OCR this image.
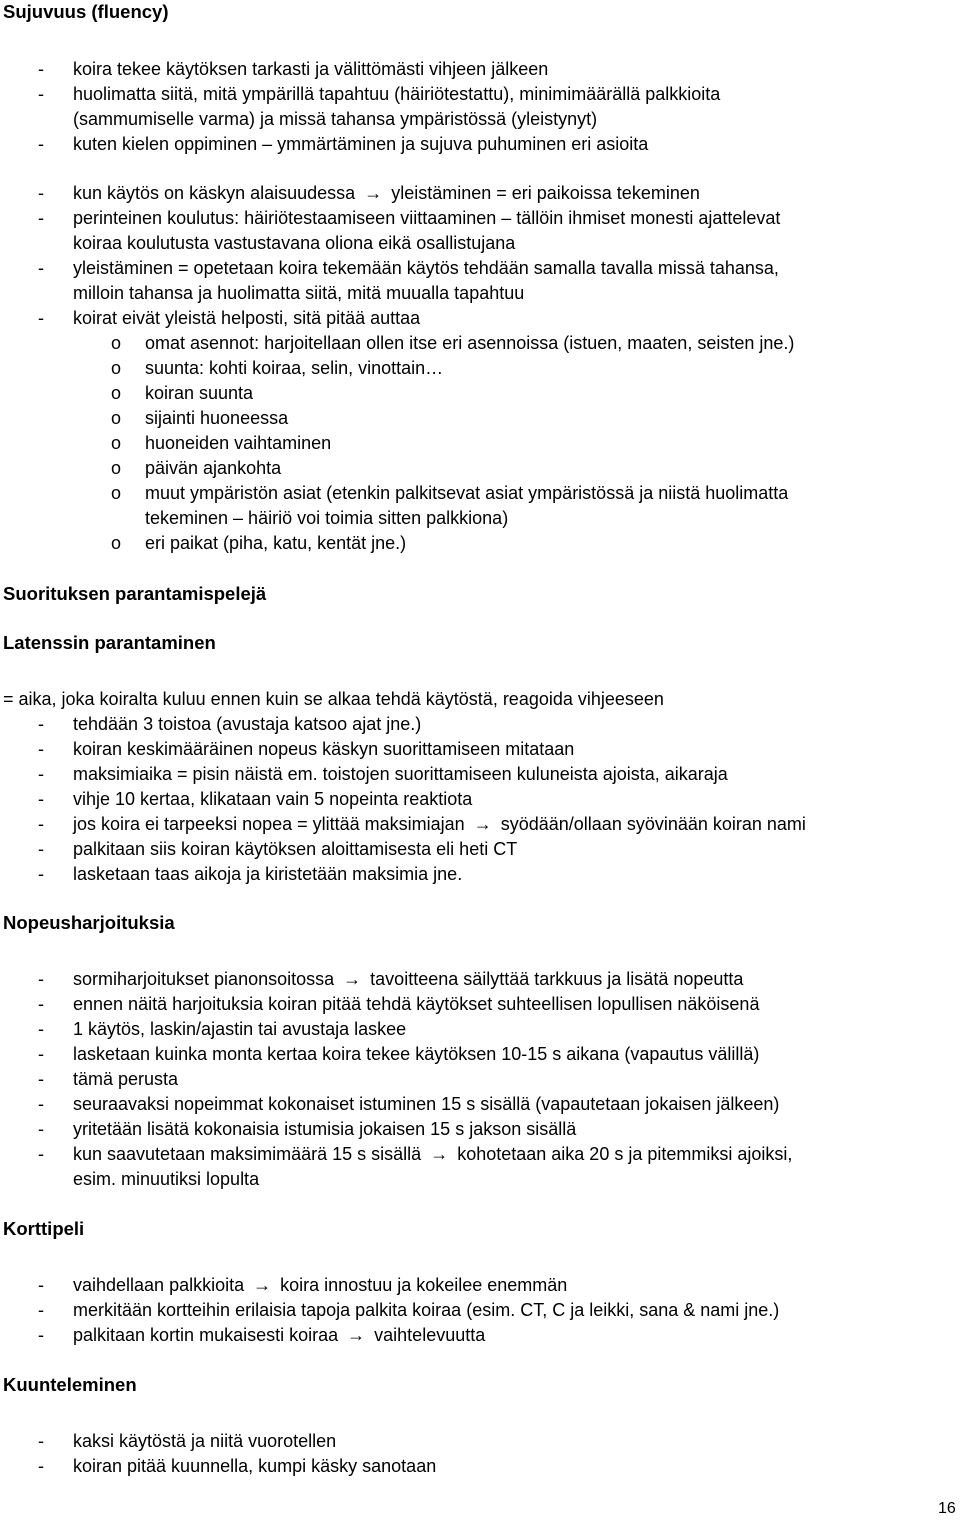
Sujuvuus (fluency)
- koira tekee käytöksen tarkasti ja välittömästi vihjeen jälkeen
- huolimatta siitä, mitä ympärillä tapahtuu (häiriötestattu), minimimäärällä palkkioita
(sammumiselle varma) ja missä tahansa ympäristössä (yleistynyt)
- kuten kielen oppiminen – ymmärtäminen ja sujuva puhuminen eri asioita
- kun käytös on käskyn alaisuudessa → yleistäminen = eri paikoissa tekeminen
- perinteinen koulutus: häiriötestaamiseen viittaaminen – tällöin ihmiset monesti ajattelevat
koiraa koulutusta vastustavana oliona eikä osallistujana
- yleistäminen = opetetaan koira tekemään käytös tehdään samalla tavalla missä tahansa,
milloin tahansa ja huolimatta siitä, mitä muualla tapahtuu
- koirat eivät yleistä helposti, sitä pitää auttaa
o omat asennot: harjoitellaan ollen itse eri asennoissa (istuen, maaten, seisten jne.)
o suunta: kohti koiraa, selin, vinottain…
o koiran suunta
o sijainti huoneessa
o huoneiden vaihtaminen
o päivän ajankohta
o muut ympäristön asiat (etenkin palkitsevat asiat ympäristössä ja niistä huolimatta
tekeminen – häiriö voi toimia sitten palkkiona)
o eri paikat (piha, katu, kentät jne.)
Suorituksen parantamispelejä
Latenssin parantaminen
= aika, joka koiralta kuluu ennen kuin se alkaa tehdä käytöstä, reagoida vihjeeseen
- tehdään 3 toistoa (avustaja katsoo ajat jne.)
- koiran keskimääräinen nopeus käskyn suorittamiseen mitataan
- maksimiaika = pisin näistä em. toistojen suorittamiseen kuluneista ajoista, aikaraja
- vihje 10 kertaa, klikataan vain 5 nopeinta reaktiota
- jos koira ei tarpeeksi nopea = ylittää maksimiajan → syödään/ollaan syövinään koiran nami
- palkitaan siis koiran käytöksen aloittamisesta eli heti CT
- lasketaan taas aikoja ja kiristetään maksimia jne.
Nopeusharjoituksia
- sormiharjoitukset pianonsoitossa → tavoitteena säilyttää tarkkuus ja lisätä nopeutta
- ennen näitä harjoituksia koiran pitää tehdä käytökset suhteellisen lopullisen näköisenä
- 1 käytös, laskin/ajastin tai avustaja laskee
- lasketaan kuinka monta kertaa koira tekee käytöksen 10-15 s aikana (vapautus välillä)
- tämä perusta
- seuraavaksi nopeimmat kokonaiset istuminen 15 s sisällä (vapautetaan jokaisen jälkeen)
- yritetään lisätä kokonaisia istumisia jokaisen 15 s jakson sisällä
- kun saavutetaan maksimimäärä 15 s sisällä → kohotetaan aika 20 s ja pitemmiksi ajoiksi,
esim. minuutiksi lopulta
Korttipeli
- vaihdellaan palkkioita → koira innostuu ja kokeilee enemmän
- merkitään kortteihin erilaisia tapoja palkita koiraa (esim. CT, C ja leikki, sana & nami jne.)
- palkitaan kortin mukaisesti koiraa → vaihtelevuutta
Kuunteleminen
- kaksi käytöstä ja niitä vuorotellen
- koiran pitää kuunnella, kumpi käsky sanotaan
16
